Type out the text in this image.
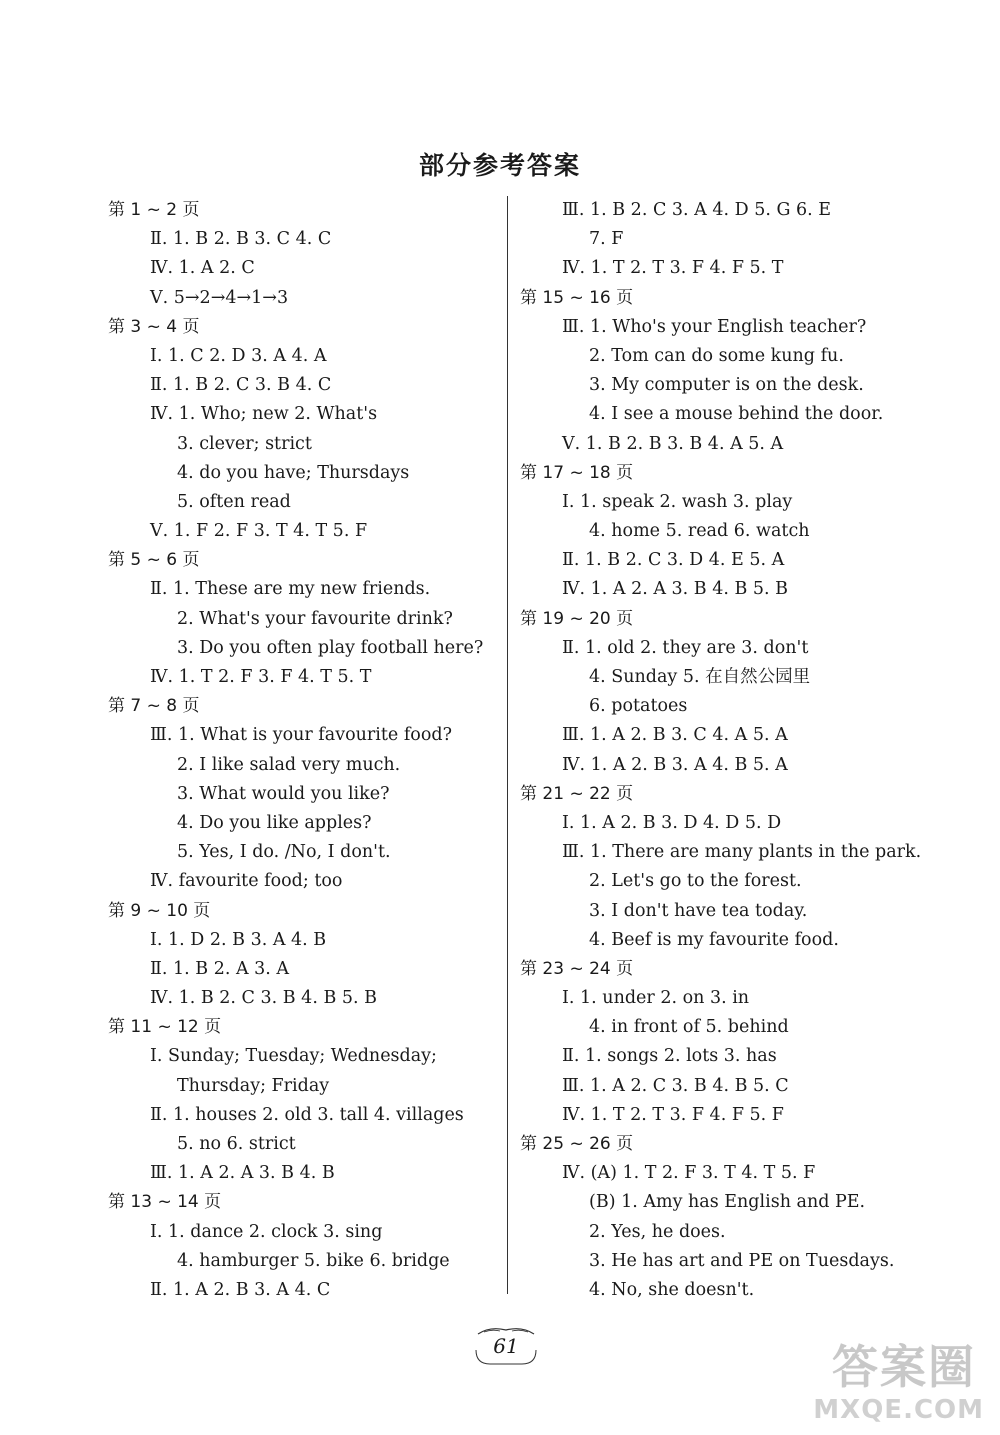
部分参考答案
第 1 ~ 2 页
Ⅱ. 1. B 2. B 3. C 4. C
Ⅳ. 1. A 2. C
Ⅴ. 5→2→4→1→3
第 3 ~ 4 页
Ⅰ. 1. C 2. D 3. A 4. A
Ⅱ. 1. B 2. C 3. B 4. C
Ⅳ. 1. Who; new 2. What's
3. clever; strict
4. do you have; Thursdays
5. often read
Ⅴ. 1. F 2. F 3. T 4. T 5. F
第 5 ~ 6 页
Ⅱ. 1. These are my new friends.
2. What's your favourite drink?
3. Do you often play football here?
Ⅳ. 1. T 2. F 3. F 4. T 5. T
第 7 ~ 8 页
Ⅲ. 1. What is your favourite food?
2. I like salad very much.
3. What would you like?
4. Do you like apples?
5. Yes, I do. /No, I don't.
Ⅳ. favourite food; too
第 9 ~ 10 页
Ⅰ. 1. D 2. B 3. A 4. B
Ⅱ. 1. B 2. A 3. A
Ⅳ. 1. B 2. C 3. B 4. B 5. B
第 11 ~ 12 页
Ⅰ. Sunday; Tuesday; Wednesday;
Thursday; Friday
Ⅱ. 1. houses 2. old 3. tall 4. villages
5. no 6. strict
Ⅲ. 1. A 2. A 3. B 4. B
第 13 ~ 14 页
Ⅰ. 1. dance 2. clock 3. sing
4. hamburger 5. bike 6. bridge
Ⅱ. 1. A 2. B 3. A 4. C
Ⅲ. 1. B 2. C 3. A 4. D 5. G 6. E
7. F
Ⅳ. 1. T 2. T 3. F 4. F 5. T
第 15 ~ 16 页
Ⅲ. 1. Who's your English teacher?
2. Tom can do some kung fu.
3. My computer is on the desk.
4. I see a mouse behind the door.
Ⅴ. 1. B 2. B 3. B 4. A 5. A
第 17 ~ 18 页
Ⅰ. 1. speak 2. wash 3. play
4. home 5. read 6. watch
Ⅱ. 1. B 2. C 3. D 4. E 5. A
Ⅳ. 1. A 2. A 3. B 4. B 5. B
第 19 ~ 20 页
Ⅱ. 1. old 2. they are 3. don't
4. Sunday 5. 在自然公园里
6. potatoes
Ⅲ. 1. A 2. B 3. C 4. A 5. A
Ⅳ. 1. A 2. B 3. A 4. B 5. A
第 21 ~ 22 页
Ⅰ. 1. A 2. B 3. D 4. D 5. D
Ⅲ. 1. There are many plants in the park.
2. Let's go to the forest.
3. I don't have tea today.
4. Beef is my favourite food.
第 23 ~ 24 页
Ⅰ. 1. under 2. on 3. in
4. in front of 5. behind
Ⅱ. 1. songs 2. lots 3. has
Ⅲ. 1. A 2. C 3. B 4. B 5. C
Ⅳ. 1. T 2. T 3. F 4. F 5. F
第 25 ~ 26 页
Ⅳ. (A) 1. T 2. F 3. T 4. T 5. F
(B) 1. Amy has English and PE.
2. Yes, he does.
3. He has art and PE on Tuesdays.
4. No, she doesn't.
61	答案圈
MXQE.COM
